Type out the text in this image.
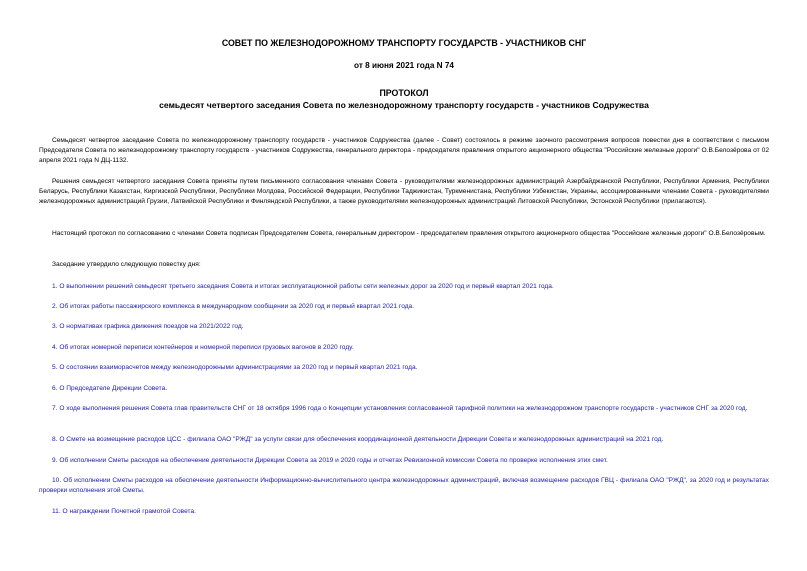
СОВЕТ ПО ЖЕЛЕЗНОДОРОЖНОМУ ТРАНСПОРТУ ГОСУДАРСТВ - УЧАСТНИКОВ СНГ
от 8 июня 2021 года N 74
ПРОТОКОЛ
семьдесят четвертого заседания Совета по железнодорожному транспорту государств - участников Содружества
Семьдесят четвертое заседание Совета по железнодорожному транспорту государств - участников Содружества (далее - Совет) состоялось в режиме заочного рассмотрения вопросов повестки дня в соответствии с письмом Председателя Совета по железнодорожному транспорту государств - участников Содружества, генерального директора - председателя правления открытого акционерного общества "Российские железные дороги" О.В.Белозёрова от 02 апреля 2021 года N ДЦ-1132.
Решения семьдесят четвертого заседания Совета приняты путем письменного согласования членами Совета - руководителями железнодорожных администраций Азербайджанской Республики, Республики Армения, Республики Беларусь, Республики Казахстан, Киргизской Республики, Республики Молдова, Российской Федерации, Республики Таджикистан, Туркменистана, Республики Узбекистан, Украины, ассоциированными членами Совета - руководителями железнодорожных администраций Грузии, Латвийской Республики и Финляндской Республики, а также руководителями железнодорожных администраций Литовской Республики, Эстонской Республики (прилагаются).
Настоящий протокол по согласованию с членами Совета подписан Председателем Совета, генеральным директором - председателем правления открытого акционерного общества "Российские железные дороги" О.В.Белозёровым.
Заседание утвердило следующую повестку дня:
1. О выполнении решений семьдесят третьего заседания Совета и итогах эксплуатационной работы сети железных дорог за 2020 год и первый квартал 2021 года.
2. Об итогах работы пассажирского комплекса в международном сообщении за 2020 год и первый квартал 2021 года.
3. О нормативах графика движения поездов на 2021/2022 год.
4. Об итогах номерной переписи контейнеров и номерной переписи грузовых вагонов в 2020 году.
5. О состоянии взаиморасчетов между железнодорожными администрациями за 2020 год и первый квартал 2021 года.
6. О Председателе Дирекции Совета.
7. О ходе выполнения решения Совета глав правительств СНГ от 18 октября 1996 года о Концепции установления согласованной тарифной политики на железнодорожном транспорте государств - участников СНГ за 2020 год.
8. О Смете на возмещение расходов ЦСС - филиала ОАО "РЖД" за услуги связи для обеспечения координационной деятельности Дирекции Совета и железнодорожных администраций на 2021 год.
9. Об исполнении Сметы расходов на обеспечение деятельности Дирекции Совета за 2019 и 2020 годы и отчетах Ревизионной комиссии Совета по проверке исполнения этих смет.
10. Об исполнении Сметы расходов на обеспечение деятельности Информационно-вычислительного центра железнодорожных администраций, включая возмещение расходов ГВЦ - филиала ОАО "РЖД", за 2020 год и результатах проверки исполнения этой Сметы.
11. О награждении Почетной грамотой Совета.
